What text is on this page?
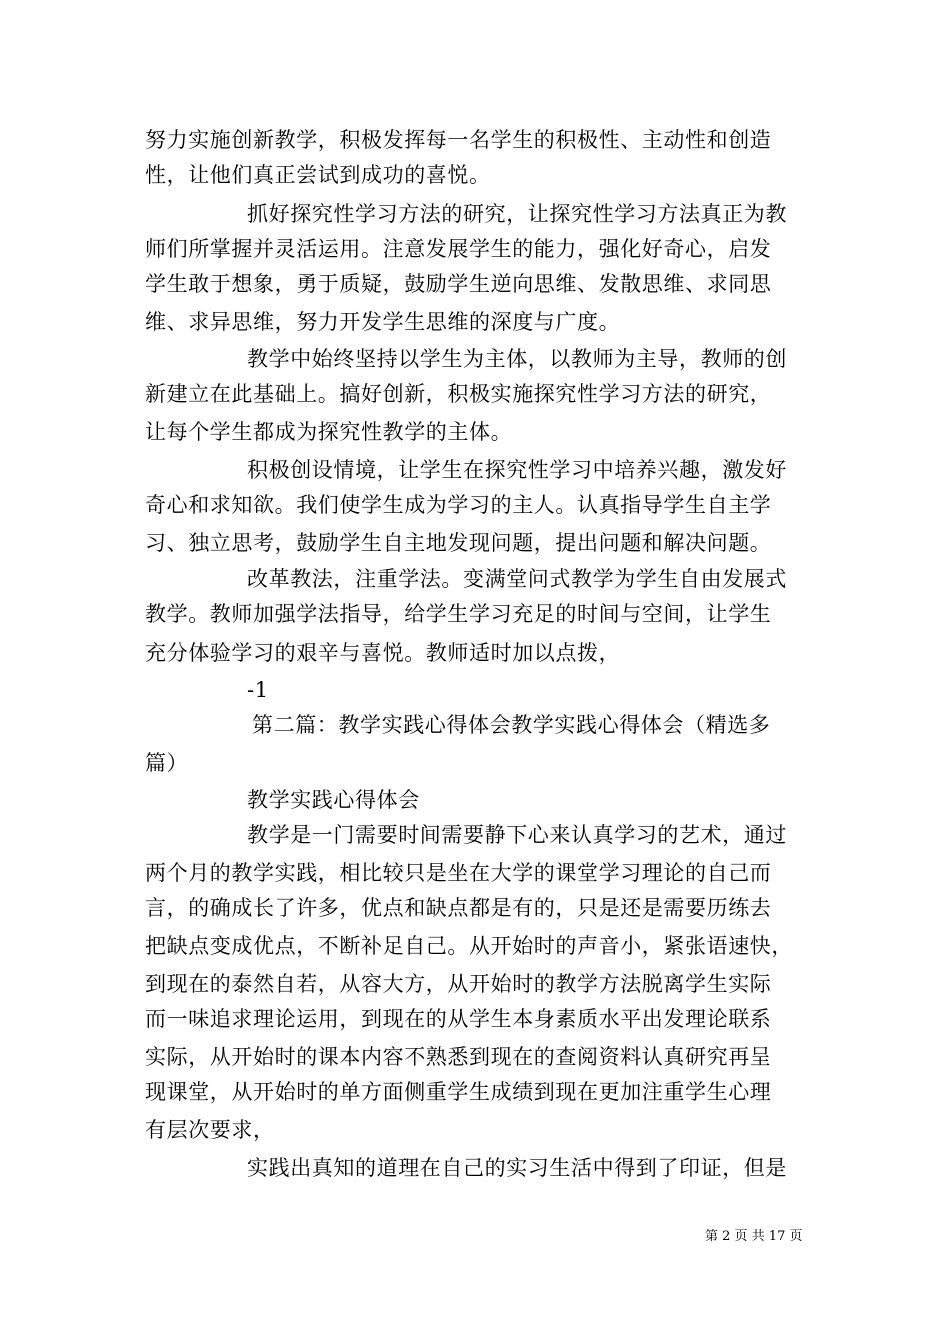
努力实施创新教学，积极发挥每一名学生的积极性、主动性和创造
性，让他们真正尝试到成功的喜悦。
抓好探究性学习方法的研究，让探究性学习方法真正为教
师们所掌握并灵活运用。注意发展学生的能力，强化好奇心，启发
学生敢于想象，勇于质疑，鼓励学生逆向思维、发散思维、求同思
维、求异思维，努力开发学生思维的深度与广度。
教学中始终坚持以学生为主体，以教师为主导，教师的创
新建立在此基础上。搞好创新，积极实施探究性学习方法的研究，
让每个学生都成为探究性教学的主体。
积极创设情境，让学生在探究性学习中培养兴趣，激发好
奇心和求知欲。我们使学生成为学习的主人。认真指导学生自主学
习、独立思考，鼓励学生自主地发现问题，提出问题和解决问题。
改革教法，注重学法。变满堂问式教学为学生自由发展式
教学。教师加强学法指导，给学生学习充足的时间与空间，让学生
充分体验学习的艰辛与喜悦。教师适时加以点拨，
-1
第二篇：教学实践心得体会教学实践心得体会（精选多
篇）
教学实践心得体会
教学是一门需要时间需要静下心来认真学习的艺术，通过
两个月的教学实践，相比较只是坐在大学的课堂学习理论的自己而
言，的确成长了许多，优点和缺点都是有的，只是还是需要历练去
把缺点变成优点，不断补足自己。从开始时的声音小，紧张语速快，
到现在的泰然自若，从容大方，从开始时的教学方法脱离学生实际
而一味追求理论运用，到现在的从学生本身素质水平出发理论联系
实际，从开始时的课本内容不熟悉到现在的查阅资料认真研究再呈
现课堂，从开始时的单方面侧重学生成绩到现在更加注重学生心理
有层次要求，
实践出真知的道理在自己的实习生活中得到了印证，但是
第 2 页 共 17 页
